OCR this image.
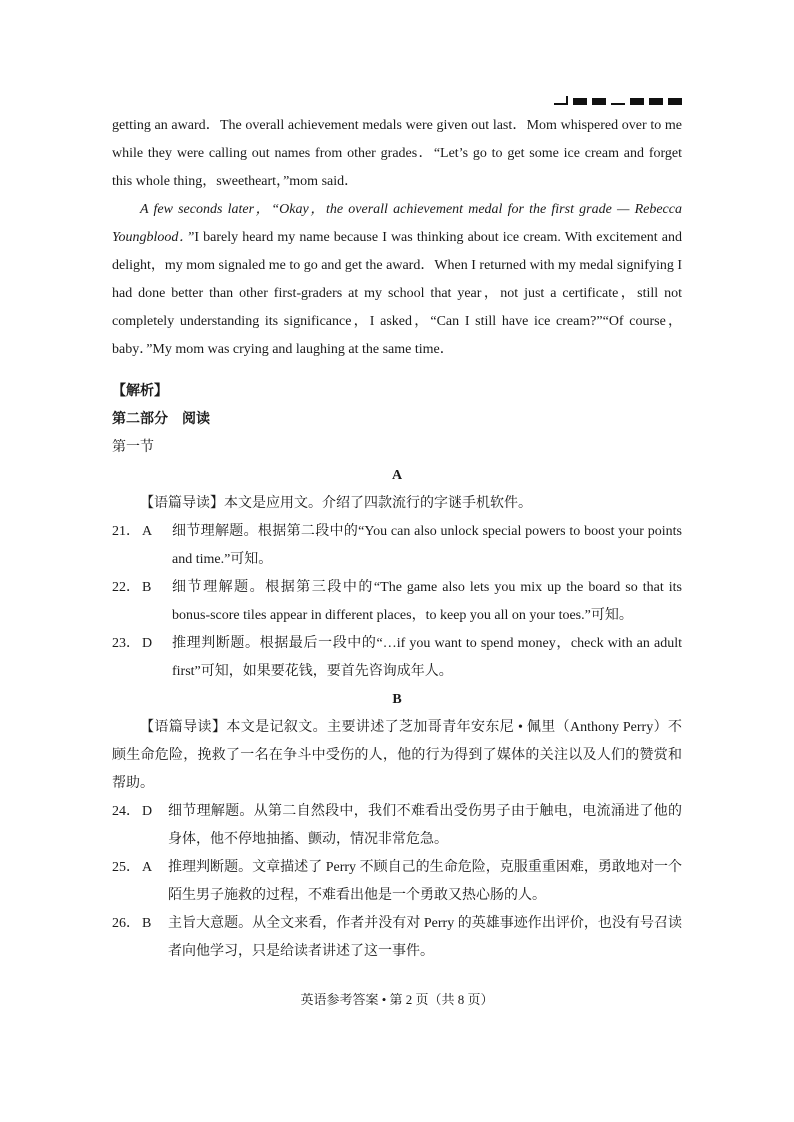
getting an award．The overall achievement medals were given out last．Mom whispered over to me while they were calling out names from other grades．“Let’s go to get some ice cream and forget this whole thing，sweetheart，”mom said．

A few seconds later，“Okay，the overall achievement medal for the first grade — Rebecca Youngblood．”I barely heard my name because I was thinking about ice cream. With excitement and delight，my mom signaled me to go and get the award．When I returned with my medal signifying I had done better than other first-graders at my school that year，not just a certificate，still not completely understanding its significance，I asked，“Can I still have ice cream?”“Of course，baby．”My mom was crying and laughing at the same time．

【解析】

第二部分　阅读

第一节

A

【语篇导读】本文是应用文。介绍了四款流行的字谜手机软件。

21． A	细节理解题。根据第二段中的“You can also unlock special powers to boost your points and time.”可知。
22． B	细节理解题。根据第三段中的“The game also lets you mix up the board so that its bonus-score tiles appear in different places，to keep you all on your toes.”可知。
23． D	推理判断题。根据最后一段中的“…if you want to spend money，check with an adult first”可知，如果要花钱，要首先咨询成年人。

B

【语篇导读】本文是记叙文。主要讲述了芝加哥青年安东尼 • 佩里（Anthony Perry）不顾生命危险，挽救了一名在争斗中受伤的人，他的行为得到了媒体的关注以及人们的赞赏和帮助。

24． D	细节理解题。从第二自然段中，我们不难看出受伤男子由于触电，电流涌进了他的身体，他不停地抽搐、颤动，情况非常危急。
25． A	推理判断题。文章描述了 Perry 不顾自己的生命危险，克服重重困难，勇敢地对一个陌生男子施救的过程，不难看出他是一个勇敢又热心肠的人。
26． B	主旨大意题。从全文来看，作者并没有对 Perry 的英雄事迹作出评价，也没有号召读者向他学习，只是给读者讲述了这一事件。
英语参考答案 • 第 2 页（共 8 页）
